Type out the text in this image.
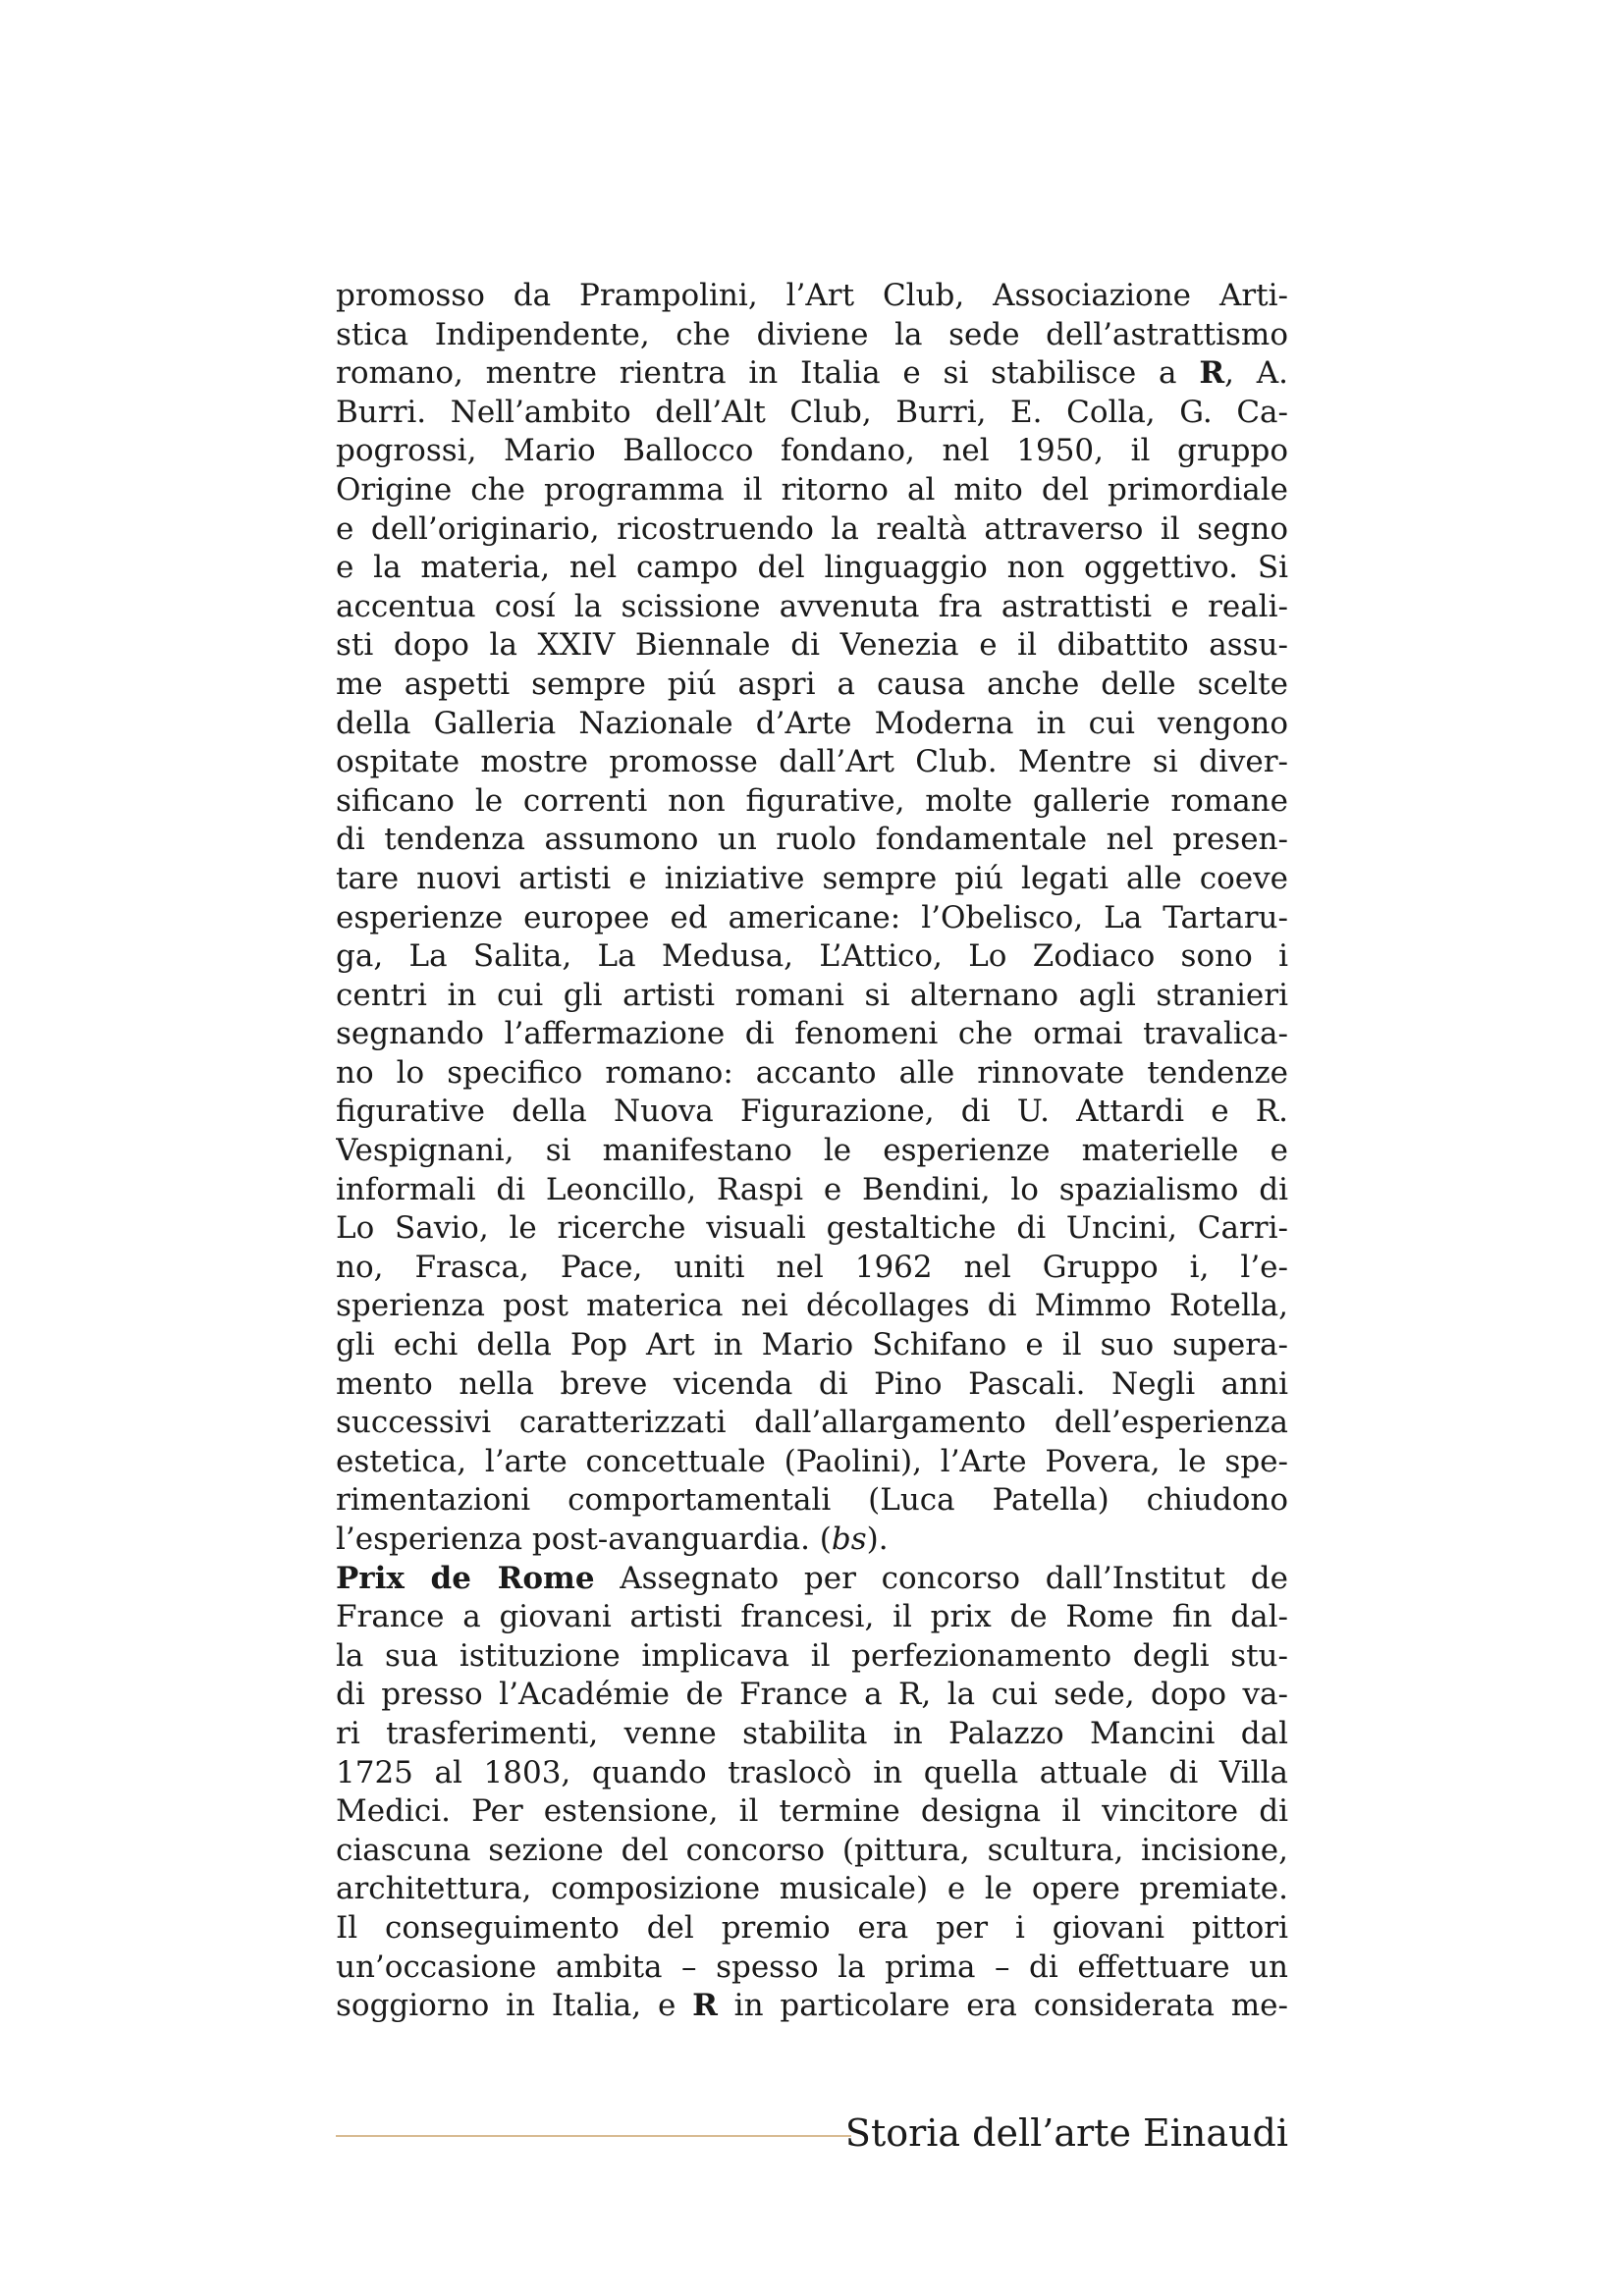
promosso da Prampolini, l’Art Club, Associazione Arti-
stica Indipendente, che diviene la sede dell’astrattismo
romano, mentre rientra in Italia e si stabilisce a R, A.
Burri. Nell’ambito dell’Alt Club, Burri, E. Colla, G. Ca-
pogrossi, Mario Ballocco fondano, nel 1950, il gruppo
Origine che programma il ritorno al mito del primordiale
e dell’originario, ricostruendo la realtà attraverso il segno
e la materia, nel campo del linguaggio non oggettivo. Si
accentua cosí la scissione avvenuta fra astrattisti e reali-
sti dopo la XXIV Biennale di Venezia e il dibattito assu-
me aspetti sempre piú aspri a causa anche delle scelte
della Galleria Nazionale d’Arte Moderna in cui vengono
ospitate mostre promosse dall’Art Club. Mentre si diver-
sificano le correnti non figurative, molte gallerie romane
di tendenza assumono un ruolo fondamentale nel presen-
tare nuovi artisti e iniziative sempre piú legati alle coeve
esperienze europee ed americane: l’Obelisco, La Tartaru-
ga, La Salita, La Medusa, L’Attico, Lo Zodiaco sono i
centri in cui gli artisti romani si alternano agli stranieri
segnando l’affermazione di fenomeni che ormai travalica-
no lo specifico romano: accanto alle rinnovate tendenze
figurative della Nuova Figurazione, di U. Attardi e R.
Vespignani, si manifestano le esperienze materielle e
informali di Leoncillo, Raspi e Bendini, lo spazialismo di
Lo Savio, le ricerche visuali gestaltiche di Uncini, Carri-
no, Frasca, Pace, uniti nel 1962 nel Gruppo i, l’e-
sperienza post materica nei décollages di Mimmo Rotella,
gli echi della Pop Art in Mario Schifano e il suo supera-
mento nella breve vicenda di Pino Pascali. Negli anni
successivi caratterizzati dall’allargamento dell’esperienza
estetica, l’arte concettuale (Paolini), l’Arte Povera, le spe-
rimentazioni comportamentali (Luca Patella) chiudono
l’esperienza post-avanguardia. (bs).
Prix de Rome Assegnato per concorso dall’Institut de
France a giovani artisti francesi, il prix de Rome fin dal-
la sua istituzione implicava il perfezionamento degli stu-
di presso l’Académie de France a R, la cui sede, dopo va-
ri trasferimenti, venne stabilita in Palazzo Mancini dal
1725 al 1803, quando traslocò in quella attuale di Villa
Medici. Per estensione, il termine designa il vincitore di
ciascuna sezione del concorso (pittura, scultura, incisione,
architettura, composizione musicale) e le opere premiate.
Il conseguimento del premio era per i giovani pittori
un’occasione ambita – spesso la prima – di effettuare un
soggiorno in Italia, e R in particolare era considerata me-
Storia dell’arte Einaudi
